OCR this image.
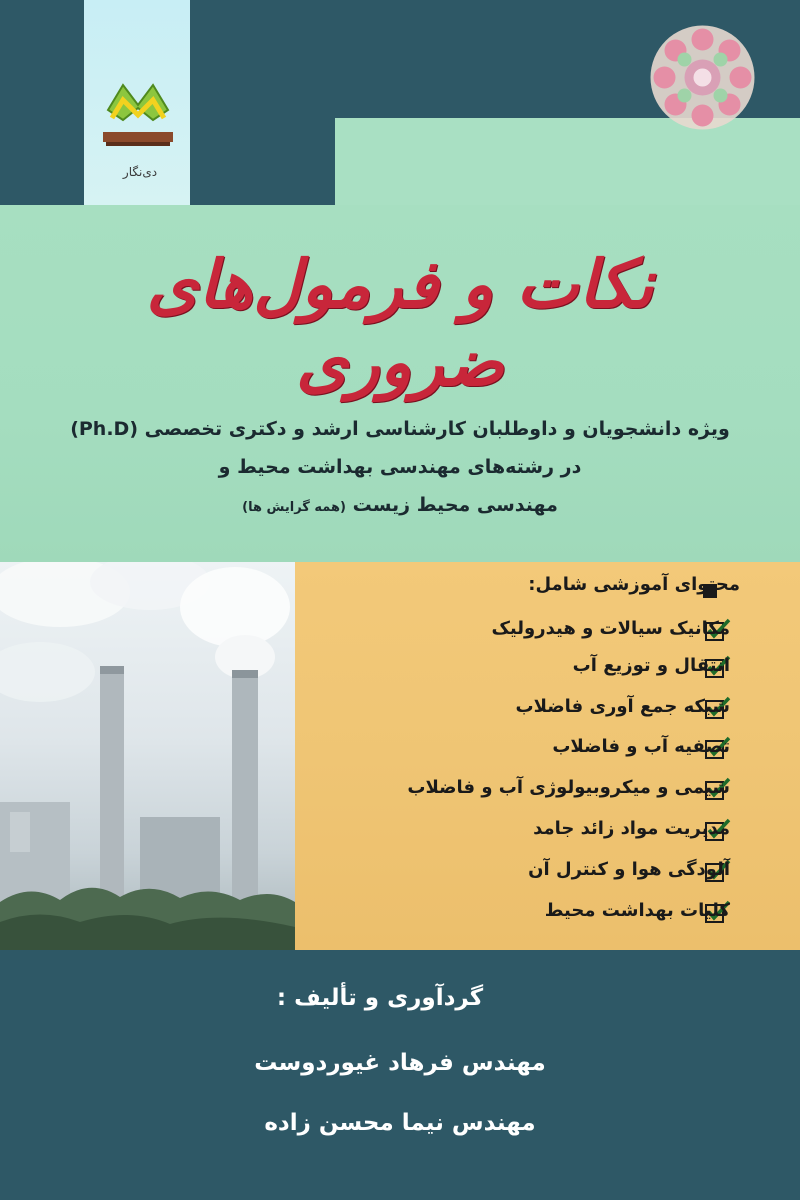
دی‌نگار
نکات و فرمول‌های ضروری
ویژه دانشجویان و داوطلبان کارشناسی ارشد و دکتری تخصصی (Ph.D)
در رشته‌های مهندسی بهداشت محیط و
مهندسی محیط زیست (همه گرایش ها)
محتوای آموزشی شامل:
مکانیک سیالات و هیدرولیک
انتقال و توزیع آب
شبکه جمع آوری فاضلاب
تصفیه آب و فاضلاب
شیمی و میکروبیولوژی آب و فاضلاب
مدیریت مواد زائد جامد
آلودگی هوا و کنترل آن
کلیات بهداشت محیط
گردآوری و تألیف :
مهندس فرهاد غیوردوست
مهندس نیما محسن زاده
